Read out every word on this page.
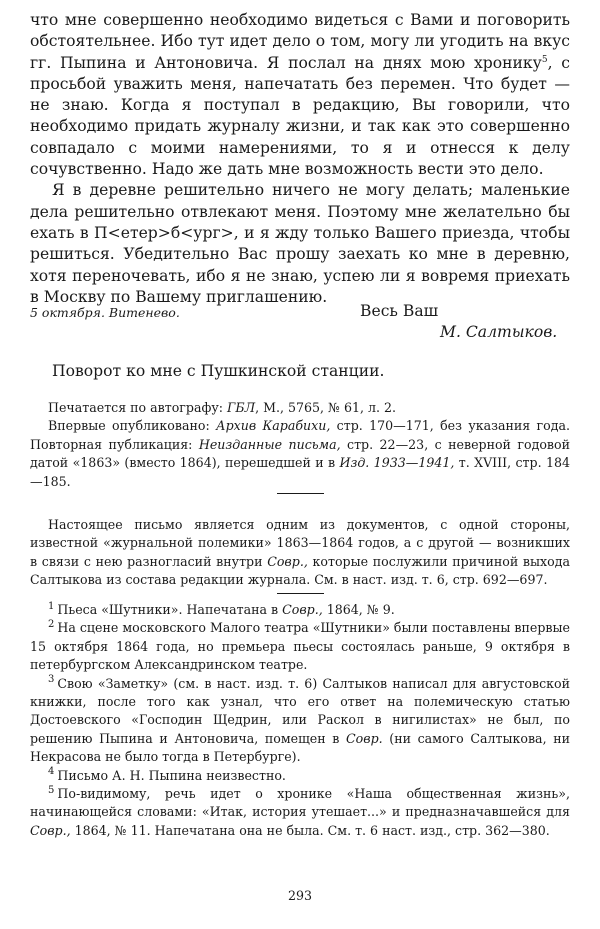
что мне совершенно необходимо видеться с Вами и поговорить обстоятельнее. Ибо тут идет дело о том, могу ли угодить на вкус гг. Пыпина и Антоновича. Я послал на днях мою хронику$^5$, с просьбой уважить меня, напечатать без перемен. Что будет — не знаю. Когда я поступал в редакцию, Вы говорили, что необходимо придать журналу жизни, и так как это совершенно совпадало с моими намерениями, то я и отнесся к делу сочувственно. Надо же дать мне возможность вести это дело.

Я в деревне решительно ничего не могу делать; маленькие дела решительно отвлекают меня. Поэтому мне желательно бы ехать в П<етер>б<ург>, и я жду только Вашего приезда, чтобы решиться. Убедительно Вас прошу заехать ко мне в деревню, хотя переночевать, ибо я не знаю, успею ли я вовремя приехать в Москву по Вашему приглашению.

5 октября. Витенево.	Весь Ваш
М. Салтыков.
Поворот ко мне с Пушкинской станции.

Печатается по автографу: ГБЛ, М., 5765, № 61, л. 2.

Впервые опубликовано: Архив Карабихи, стр. 170—171, без указания года. Повторная публикация: Неизданные письма, стр. 22—23, с неверной годовой датой «1863» (вместо 1864), перешедшей и в Изд. 1933—1941, т. XVIII, стр. 184—185.

Настоящее письмо является одним из документов, с одной стороны, известной «журнальной полемики» 1863—1864 годов, а с другой — возникших в связи с нею разногласий внутри Совр., которые послужили причиной выхода Салтыкова из состава редакции журнала. См. в наст. изд. т. 6, стр. 692—697.

$^1$ Пьеса «Шутники». Напечатана в Совр., 1864, № 9.

$^2$ На сцене московского Малого театра «Шутники» были поставлены впервые 15 октября 1864 года, но премьера пьесы состоялась раньше, 9 октября в петербургском Александринском театре.

$^3$ Свою «Заметку» (см. в наст. изд. т. 6) Салтыков написал для августовской книжки, после того как узнал, что его ответ на полемическую статью Достоевского «Господин Щедрин, или Раскол в нигилистах» не был, по решению Пыпина и Антоновича, помещен в Совр. (ни самого Салтыкова, ни Некрасова не было тогда в Петербурге).

$^4$ Письмо А. Н. Пыпина неизвестно.

$^5$ По-видимому, речь идет о хронике «Наша общественная жизнь», начинающейся словами: «Итак, история утешает...» и предназначавшейся для Совр., 1864, № 11. Напечатана она не была. См. т. 6 наст. изд., стр. 362—380.

293
